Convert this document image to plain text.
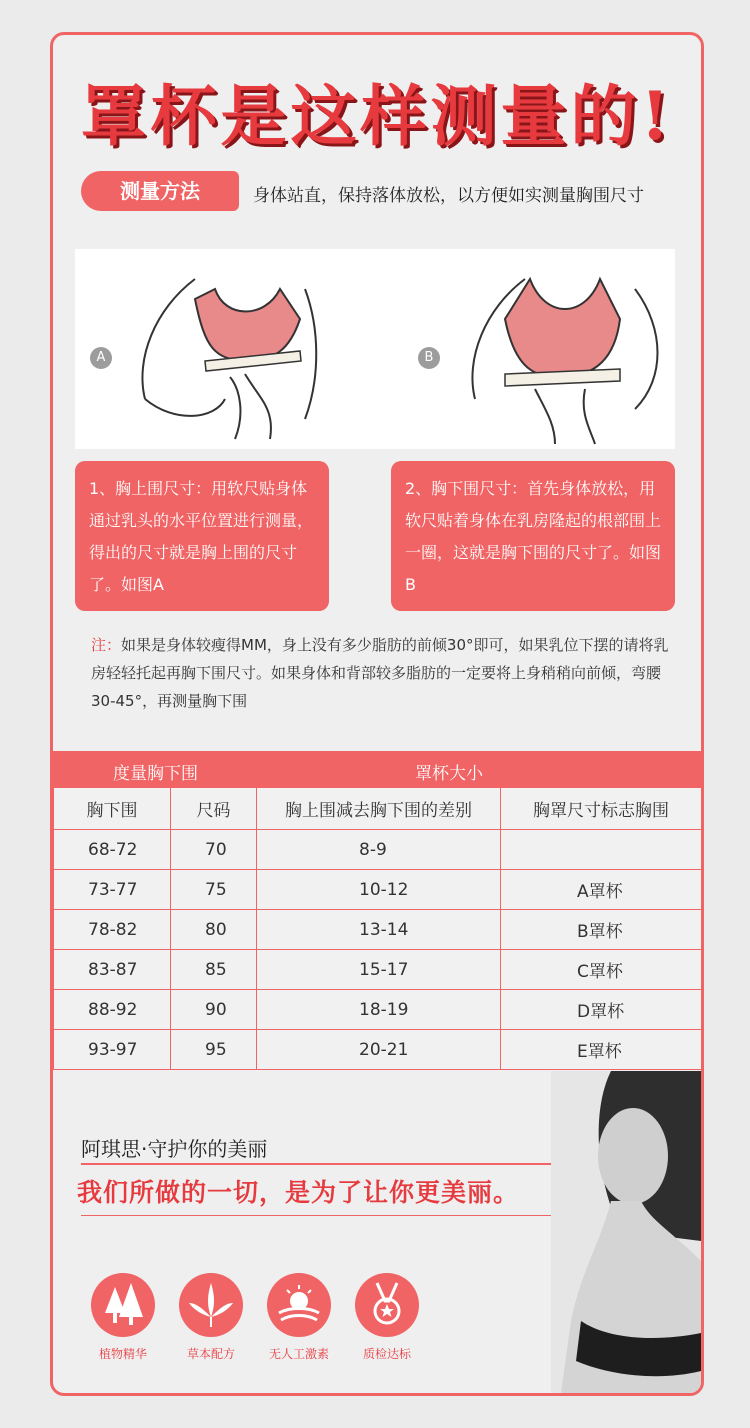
罩杯是这样测量的!
测量方法	身体站直，保持落体放松，以方便如实测量胸围尺寸
A	B
1、胸上围尺寸：用软尺贴身体通过乳头的水平位置进行测量，得出的尺寸就是胸上围的尺寸了。如图A
2、胸下围尺寸：首先身体放松，用软尺贴着身体在乳房隆起的根部围上一圈，这就是胸下围的尺寸了。如图B
注：如果是身体较瘦得MM，身上没有多少脂肪的前倾30°即可，如果乳位下摆的请将乳房轻轻托起再胸下围尺寸。如果身体和背部较多脂肪的一定要将上身稍稍向前倾，弯腰30-45°，再测量胸下围
度量胸下围	罩杯大小
胸下围	尺码	胸上围减去胸下围的差别	胸罩尺寸标志胸围
68-72	70	8-9	
73-77	75	10-12	A罩杯
78-82	80	13-14	B罩杯
83-87	85	15-17	C罩杯
88-92	90	18-19	D罩杯
93-97	95	20-21	E罩杯
阿琪思·守护你的美丽
我们所做的一切，是为了让你更美丽。
植物精华	草本配方	无人工激素	质检达标
